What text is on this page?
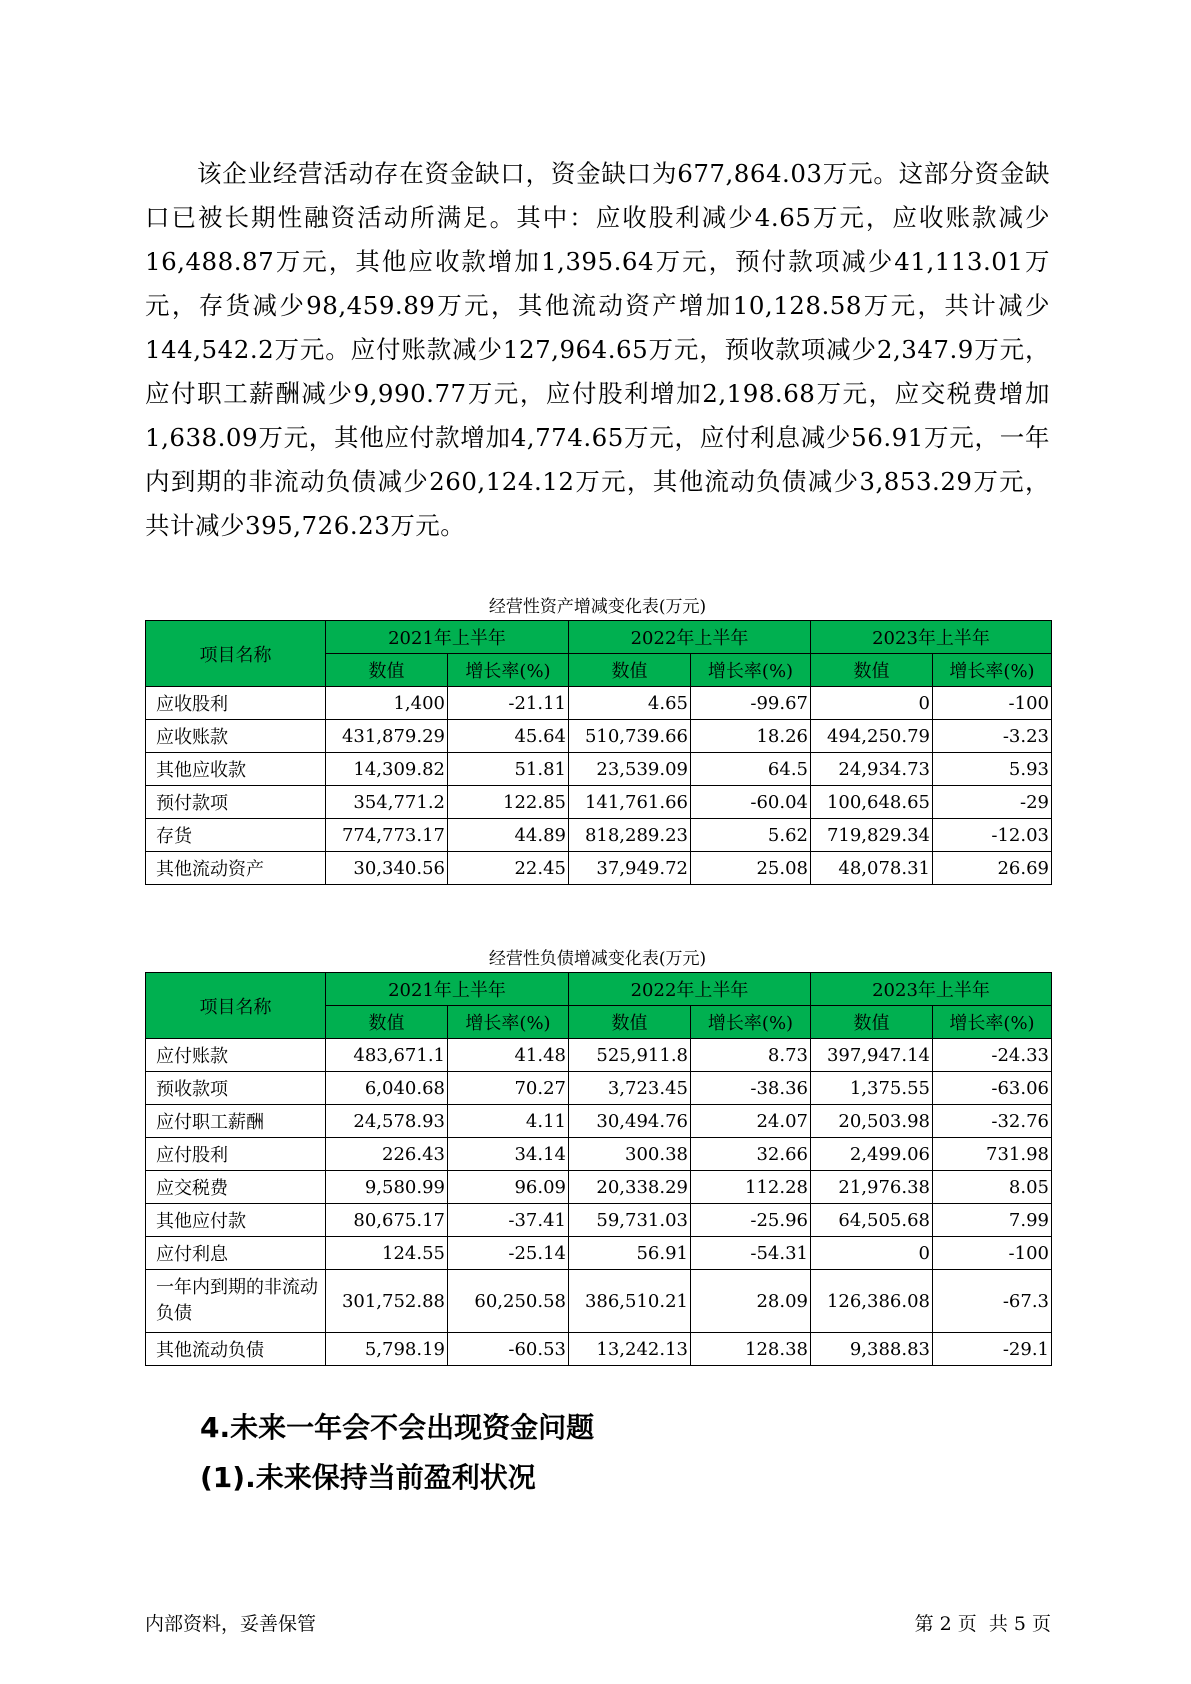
该企业经营活动存在资金缺口，资金缺口为677,864.03万元。这部分资金缺口已被长期性融资活动所满足。其中：应收股利减少4.65万元，应收账款减少16,488.87万元，其他应收款增加1,395.64万元，预付款项减少41,113.01万元，存货减少98,459.89万元，其他流动资产增加10,128.58万元，共计减少144,542.2万元。应付账款减少127,964.65万元，预收款项减少2,347.9万元，应付职工薪酬减少9,990.77万元，应付股利增加2,198.68万元，应交税费增加1,638.09万元，其他应付款增加4,774.65万元，应付利息减少56.91万元，一年内到期的非流动负债减少260,124.12万元，其他流动负债减少3,853.29万元，共计减少395,726.23万元。

经营性资产增减变化表(万元)
项目名称	2021年上半年		2022年上半年		2023年上半年	
	数值	增长率(%)	数值	增长率(%)	数值	增长率(%)
应收股利	1,400	-21.11	4.65	-99.67	0	-100
应收账款	431,879.29	45.64	510,739.66	18.26	494,250.79	-3.23
其他应收款	14,309.82	51.81	23,539.09	64.5	24,934.73	5.93
预付款项	354,771.2	122.85	141,761.66	-60.04	100,648.65	-29
存货	774,773.17	44.89	818,289.23	5.62	719,829.34	-12.03
其他流动资产	30,340.56	22.45	37,949.72	25.08	48,078.31	26.69
经营性负债增减变化表(万元)
项目名称	2021年上半年		2022年上半年		2023年上半年	
	数值	增长率(%)	数值	增长率(%)	数值	增长率(%)
应付账款	483,671.1	41.48	525,911.8	8.73	397,947.14	-24.33
预收款项	6,040.68	70.27	3,723.45	-38.36	1,375.55	-63.06
应付职工薪酬	24,578.93	4.11	30,494.76	24.07	20,503.98	-32.76
应付股利	226.43	34.14	300.38	32.66	2,499.06	731.98
应交税费	9,580.99	96.09	20,338.29	112.28	21,976.38	8.05
其他应付款	80,675.17	-37.41	59,731.03	-25.96	64,505.68	7.99
应付利息	124.55	-25.14	56.91	-54.31	0	-100
一年内到期的非流动负债	301,752.88	60,250.58	386,510.21	28.09	126,386.08	-67.3
其他流动负债	5,798.19	-60.53	13,242.13	128.38	9,388.83	-29.1
4.未来一年会不会出现资金问题
(1).未来保持当前盈利状况
内部资料，妥善保管	第 2 页  共 5 页
